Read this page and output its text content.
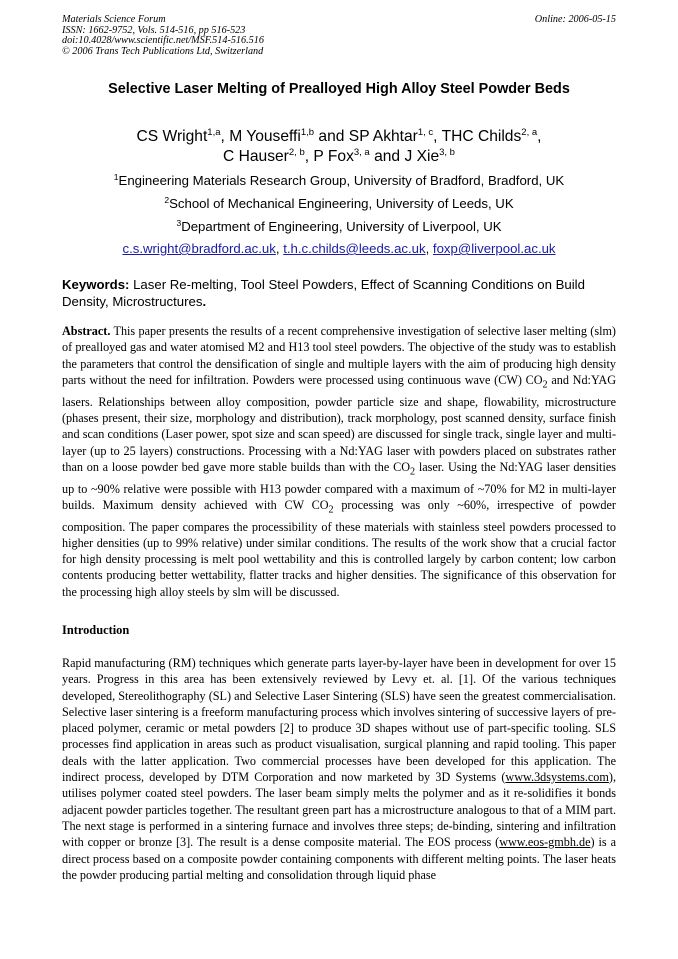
Materials Science Forum
ISSN: 1662-9752, Vols. 514-516, pp 516-523
doi:10.4028/www.scientific.net/MSF.514-516.516
© 2006 Trans Tech Publications Ltd, Switzerland
Online: 2006-05-15
Selective Laser Melting of Prealloyed High Alloy Steel Powder Beds
CS Wright$^{1,a}$, M Youseffi$^{1,b}$ and SP Akhtar$^{1, c}$, THC Childs$^{2, a}$,
C Hauser$^{2, b}$, P Fox$^{3, a}$ and J Xie$^{3, b}$
$^1$Engineering Materials Research Group, University of Bradford, Bradford, UK
$^2$School of Mechanical Engineering, University of Leeds, UK
$^3$Department of Engineering, University of Liverpool, UK
c.s.wright@bradford.ac.uk, t.h.c.childs@leeds.ac.uk, foxp@liverpool.ac.uk
Keywords: Laser Re-melting, Tool Steel Powders, Effect of Scanning Conditions on Build Density, Microstructures.
Abstract. This paper presents the results of a recent comprehensive investigation of selective laser melting (slm) of prealloyed gas and water atomised M2 and H13 tool steel powders. The objective of the study was to establish the parameters that control the densification of single and multiple layers with the aim of producing high density parts without the need for infiltration. Powders were processed using continuous wave (CW) $CO_2$ and Nd:YAG lasers. Relationships between alloy composition, powder particle size and shape, flowability, microstructure (phases present, their size, morphology and distribution), track morphology, post scanned density, surface finish and scan conditions (Laser power, spot size and scan speed) are discussed for single track, single layer and multi-layer (up to 25 layers) constructions. Processing with a Nd:YAG laser with powders placed on substrates rather than on a loose powder bed gave more stable builds than with the $CO_2$ laser. Using the Nd:YAG laser densities up to ~90% relative were possible with H13 powder compared with a maximum of ~70% for M2 in multi-layer builds. Maximum density achieved with CW $CO_2$ processing was only ~60%, irrespective of powder composition. The paper compares the processibility of these materials with stainless steel powders processed to higher densities (up to 99% relative) under similar conditions. The results of the work show that a crucial factor for high density processing is melt pool wettability and this is controlled largely by carbon content; low carbon contents producing better wettability, flatter tracks and higher densities. The significance of this observation for the processing high alloy steels by slm will be discussed.
Introduction
Rapid manufacturing (RM) techniques which generate parts layer-by-layer have been in development for over 15 years. Progress in this area has been extensively reviewed by Levy et. al. [1]. Of the various techniques developed, Stereolithography (SL) and Selective Laser Sintering (SLS) have seen the greatest commercialisation. Selective laser sintering is a freeform manufacturing process which involves sintering of successive layers of pre-placed polymer, ceramic or metal powders [2] to produce 3D shapes without use of part-specific tooling. SLS processes find application in areas such as product visualisation, surgical planning and rapid tooling. This paper deals with the latter application. Two commercial processes have been developed for this application. The indirect process, developed by DTM Corporation and now marketed by 3D Systems (www.3dsystems.com), utilises polymer coated steel powders. The laser beam simply melts the polymer and as it re-solidifies it bonds adjacent powder particles together. The resultant green part has a microstructure analogous to that of a MIM part. The next stage is performed in a sintering furnace and involves three steps; de-binding, sintering and infiltration with copper or bronze [3]. The result is a dense composite material. The EOS process (www.eos-gmbh.de) is a direct process based on a composite powder containing components with different melting points. The laser heats the powder producing partial melting and consolidation through liquid phase
